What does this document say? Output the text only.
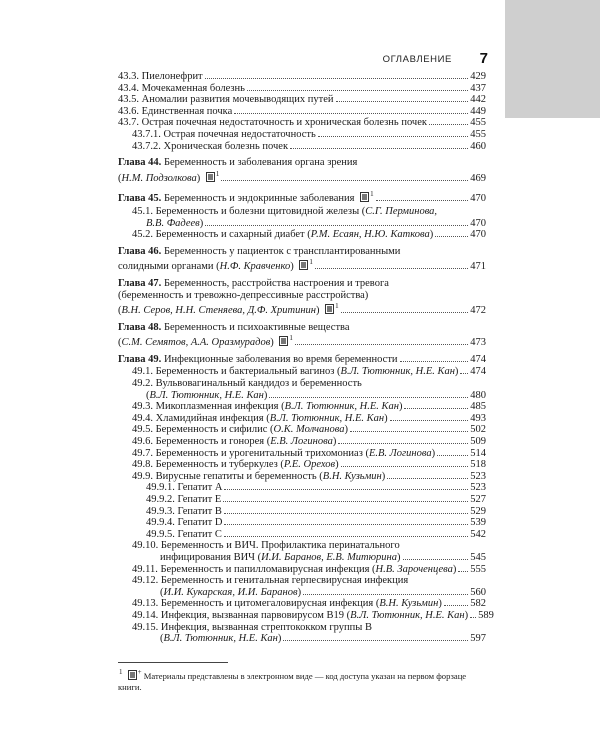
ОГЛАВЛЕНИЕ 7
43.3. Пиелонефрит	429
43.4. Мочекаменная болезнь	437
43.5. Аномалии развития мочевыводящих путей	442
43.6. Единственная почка	449
43.7. Острая почечная недостаточность и хроническая болезнь почек	455
43.7.1. Острая почечная недостаточность	455
43.7.2. Хроническая болезнь почек	460
Глава 44. Беременность и заболевания органа зрения
(Н.М. Подзолкова) $^1$	469
Глава 45. Беременность и эндокринные заболевания $^1$	470
45.1. Беременность и болезни щитовидной железы (С.Г. Перминова,
В.В. Фадеев)	470
45.2. Беременность и сахарный диабет (Р.М. Есаян, Н.Ю. Каткова)	470
Глава 46. Беременность у пациенток с трансплантированными
солидными органами (Н.Ф. Кравченко) $^1$	471
Глава 47. Беременность, расстройства настроения и тревога
(беременность и тревожно-депрессивные расстройства)
(В.Н. Серов, Н.Н. Стеняева, Д.Ф. Хритинин) $^1$	472
Глава 48. Беременность и психоактивные вещества
(С.М. Семятов, А.А. Оразмурадов) $^1$	473
Глава 49. Инфекционные заболевания во время беременности	474
49.1. Беременность и бактериальный вагиноз (В.Л. Тютюнник, Н.Е. Кан) 474
49.2. Вульвовагинальный кандидоз и беременность
(В.Л. Тютюнник, Н.Е. Кан)	480
49.3. Микоплазменная инфекция (В.Л. Тютюнник, Н.Е. Кан)	485
49.4. Хламидийная инфекция (В.Л. Тютюнник, Н.Е. Кан)	493
49.5. Беременность и сифилис (О.К. Молчанова)	502
49.6. Беременность и гонорея (Е.В. Логинова)	509
49.7. Беременность и урогенитальный трихомониаз (Е.В. Логинова)	514
49.8. Беременность и туберкулез (Р.Е. Орехов)	518
49.9. Вирусные гепатиты и беременность (В.Н. Кузьмин)	523
49.9.1. Гепатит A	523
49.9.2. Гепатит E	527
49.9.3. Гепатит B	529
49.9.4. Гепатит D	539
49.9.5. Гепатит C	542
49.10. Беременность и ВИЧ. Профилактика перинатального
инфицирования ВИЧ (И.И. Баранов, Е.В. Митюрина)	545
49.11. Беременность и папилломавирусная инфекция (Н.В. Зароченцева) 555
49.12. Беременность и генитальная герпесвирусная инфекция
(И.И. Кукарская, И.И. Баранов)	560
49.13. Беременность и цитомегаловирусная инфекция (В.Н. Кузьмин)	582
49.14. Инфекция, вызванная парвовирусом B19 (В.Л. Тютюнник, Н.Е. Кан) 589
49.15. Инфекция, вызванная стрептококком группы B
(В.Л. Тютюнник, Н.Е. Кан)	597
$^1$ + Материалы представлены в электронном виде — код доступа указан на первом форзаце книги.
